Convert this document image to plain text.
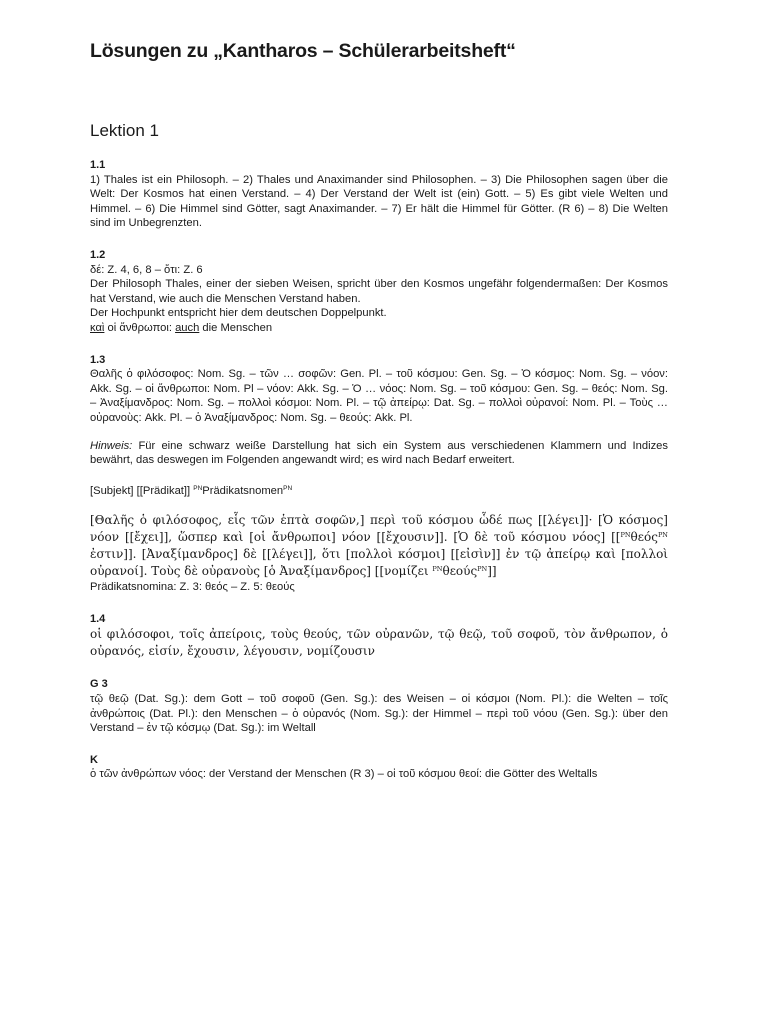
Lösungen zu „Kantharos – Schülerarbeitsheft“
Lektion 1

1.1

1) Thales ist ein Philosoph. – 2) Thales und Anaximander sind Philosophen. – 3) Die Philosophen sagen über die Welt: Der Kosmos hat einen Verstand. – 4) Der Verstand der Welt ist (ein) Gott. – 5) Es gibt viele Welten und Himmel. – 6) Die Himmel sind Götter, sagt Anaximander. – 7) Er hält die Himmel für Götter. (R 6) – 8) Die Welten sind im Unbegrenzten.

1.2

δέ: Z. 4, 6, 8 – ὅτι: Z. 6

Der Philosoph Thales, einer der sieben Weisen, spricht über den Kosmos ungefähr folgendermaßen: Der Kosmos hat Verstand, wie auch die Menschen Verstand haben.

Der Hochpunkt entspricht hier dem deutschen Doppelpunkt.

καὶ οἱ ἄνθρωποι: auch die Menschen

1.3

Θαλῆς ὁ φιλόσοφος: Nom. Sg. – τῶν … σοφῶν: Gen. Pl. – τοῦ κόσμου: Gen. Sg. – Ὁ κόσμος: Nom. Sg. – νόον: Akk. Sg. – οἱ ἄνθρωποι: Nom. Pl – νόον: Akk. Sg. – Ὁ … νόος: Nom. Sg. – τοῦ κόσμου: Gen. Sg. – θεός: Nom. Sg. – Ἀναξίμανδρος: Nom. Sg. – πολλοὶ κόσμοι: Nom. Pl. – τῷ ἀπείρῳ: Dat. Sg. – πολλοὶ οὐρανοί: Nom. Pl. – Τοὺς … οὐρανοὺς: Akk. Pl. – ὁ Ἀναξίμανδρος: Nom. Sg. – θεούς: Akk. Pl.

Hinweis: Für eine schwarz weiße Darstellung hat sich ein System aus verschiedenen Klammern und Indizes bewährt, das deswegen im Folgenden angewandt wird; es wird nach Bedarf erweitert.

[Subjekt] [[Prädikat]] $^{PN}$Prädikatsnomen$^{PN}$

[Θαλῆς ὁ φιλόσοφος, εἷς τῶν ἑπτὰ σοφῶν,] περὶ τοῦ κόσμου ὧδέ πως [[λέγει]]· [Ὁ κόσμος] νόον [[ἔχει]], ὥσπερ καὶ [οἱ ἄνθρωποι] νόον [[ἔχουσιν]]. [Ὁ δὲ τοῦ κόσμου νόος] [[$^{PN}$θεός$^{PN}$ ἐστιν]]. [Ἀναξίμανδρος] δὲ [[λέγει]], ὅτι [πολλοὶ κόσμοι] [[εἰσὶν]] ἐν τῷ ἀπείρῳ καὶ [πολλοὶ οὐρανοί]. Τοὺς δὲ οὐρανοὺς [ὁ Ἀναξίμανδρος] [[νομίζει $^{PN}$θεούς$^{PN}$]]

Prädikatsnomina: Z. 3: θεός – Z. 5: θεούς

1.4

οἱ φιλόσοφοι, τοῖς ἀπείροις, τοὺς θεούς, τῶν οὐρανῶν, τῷ θεῷ, τοῦ σοφοῦ, τὸν ἄνθρωπον, ὁ οὐρανός, εἰσίν, ἔχουσιν, λέγουσιν, νομίζουσιν

G 3

τῷ θεῷ (Dat. Sg.): dem Gott – τοῦ σοφοῦ (Gen. Sg.): des Weisen – οἱ κόσμοι (Nom. Pl.): die Welten – τοῖς ἀνθρώποις (Dat. Pl.): den Menschen – ὁ οὐρανός (Nom. Sg.): der Himmel – περὶ τοῦ νόου (Gen. Sg.): über den Verstand – ἐν τῷ κόσμῳ (Dat. Sg.): im Weltall

K

ὁ τῶν ἀνθρώπων νόος: der Verstand der Menschen (R 3) – οἱ τοῦ κόσμου θεοί: die Götter des Weltalls
